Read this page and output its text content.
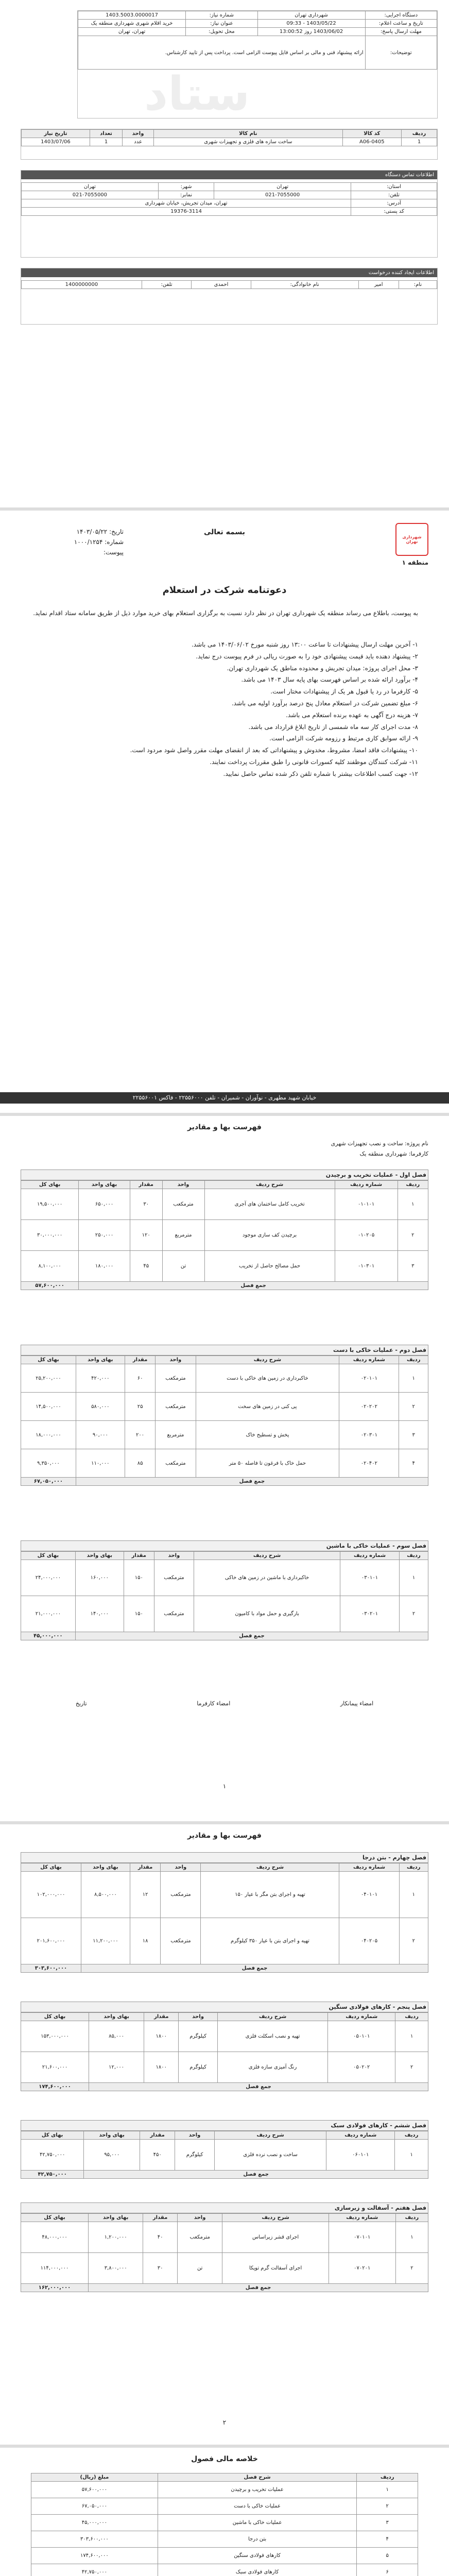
دستگاه اجرایی:	شهرداری تهران	شماره نیاز:	1403.5003.0000017
تاریخ و ساعت اعلام:	1403/05/22 - 09:33	عنوان نیاز:	خرید اقلام شهری شهرداری منطقه یک
مهلت ارسال پاسخ:	1403/06/02 روز 13:00:52	محل تحویل:	تهران، تهران
توضیحات:	ارائه پیشنهاد فنی و مالی بر اساس فایل پیوست الزامی است. پرداخت پس از تایید کارشناس.		
ستاد
ردیف	کد کالا	نام کالا	واحد	تعداد	تاریخ نیاز
1	0405-A06	ساخت سازه های فلزی و تجهیزات شهری	عدد	1	1403/07/06
اطلاعات تماس دستگاه
استان:	تهران	شهر:	تهران
تلفن:	021-7055000	نمابر:	021-7055000
آدرس:	تهران، میدان تجریش، خیابان شهرداری		
کد پستی:	19376-3114		
اطلاعات ایجاد کننده درخواست
نام:	امیر	نام خانوادگی:	احمدی	تلفن:	1400000000
شهرداری تهران
منطقه ۱
بسمه تعالی
تاریخ: ۱۴۰۳/۰۵/۲۲
شماره: ۱۰۰۰/۱۲۵۴
پیوست:
دعوتنامه شرکت در استعلام
به پیوست، باطلاع می رساند منطقه یک شهرداری تهران در نظر دارد نسبت به برگزاری استعلام بهای خرید موارد ذیل از طریق سامانه ستاد اقدام نماید.
۱- آخرین مهلت ارسال پیشنهادات تا ساعت ۱۳:۰۰ روز شنبه مورخ ۱۴۰۳/۰۶/۰۲ می باشد.
۲- پیشنهاد دهنده باید قیمت پیشنهادی خود را به صورت ریالی در فرم پیوست درج نماید.
۳- محل اجرای پروژه: میدان تجریش و محدوده مناطق یک شهرداری تهران.
۴- برآورد ارائه شده بر اساس فهرست بهای پایه سال ۱۴۰۳ می باشد.
۵- کارفرما در رد یا قبول هر یک از پیشنهادات مختار است.
۶- مبلغ تضمین شرکت در استعلام معادل پنج درصد برآورد اولیه می باشد.
۷- هزینه درج آگهی به عهده برنده استعلام می باشد.
۸- مدت اجرای کار سه ماه شمسی از تاریخ ابلاغ قرارداد می باشد.
۹- ارائه سوابق کاری مرتبط و رزومه شرکت الزامی است.
۱۰- پیشنهادات فاقد امضا، مشروط، مخدوش و پیشنهاداتی که بعد از انقضای مهلت مقرر واصل شود مردود است.
۱۱- شرکت کنندگان موظفند کلیه کسورات قانونی را طبق مقررات پرداخت نمایند.
۱۲- جهت کسب اطلاعات بیشتر با شماره تلفن ذکر شده تماس حاصل نمایید.
خیابان شهید مطهری - نوآوران - شمیران - تلفن ۲۲۵۵۶۰۰۰ - فاکس ۲۲۵۵۶۰۰۱
فهرست بها و مقادیر
نام پروژه: ساخت و نصب تجهیزات شهری
کارفرما: شهرداری منطقه یک
فصل اول - عملیات تخریب و برچیدن
ردیف	شماره ردیف	شرح ردیف	واحد	مقدار	بهای واحد	بهای کل
۱	۰۱۰۱۰۱	تخریب کامل ساختمان های آجری	مترمکعب	۳۰	۶۵۰,۰۰۰	۱۹,۵۰۰,۰۰۰
۲	۰۱۰۲۰۵	برچیدن کف سازی موجود	مترمربع	۱۲۰	۲۵۰,۰۰۰	۳۰,۰۰۰,۰۰۰
۳	۰۱۰۳۰۱	حمل مصالح حاصل از تخریب	تن	۴۵	۱۸۰,۰۰۰	۸,۱۰۰,۰۰۰
جمع فصل						۵۷,۶۰۰,۰۰۰
فصل دوم - عملیات خاکی با دست
ردیف	شماره ردیف	شرح ردیف	واحد	مقدار	بهای واحد	بهای کل
۱	۰۲۰۱۰۱	خاکبرداری در زمین های خاکی با دست	مترمکعب	۶۰	۴۲۰,۰۰۰	۲۵,۲۰۰,۰۰۰
۲	۰۲۰۲۰۲	پی کنی در زمین های سخت	مترمکعب	۲۵	۵۸۰,۰۰۰	۱۴,۵۰۰,۰۰۰
۳	۰۲۰۳۰۱	پخش و تسطیح خاک	مترمربع	۲۰۰	۹۰,۰۰۰	۱۸,۰۰۰,۰۰۰
۴	۰۲۰۴۰۲	حمل خاک با فرغون تا فاصله ۵۰ متر	مترمکعب	۸۵	۱۱۰,۰۰۰	۹,۳۵۰,۰۰۰
جمع فصل						۶۷,۰۵۰,۰۰۰
فصل سوم - عملیات خاکی با ماشین
ردیف	شماره ردیف	شرح ردیف	واحد	مقدار	بهای واحد	بهای کل
۱	۰۳۰۱۰۱	خاکبرداری با ماشین در زمین های خاکی	مترمکعب	۱۵۰	۱۶۰,۰۰۰	۲۴,۰۰۰,۰۰۰
۲	۰۳۰۲۰۱	بارگیری و حمل مواد با کامیون	مترمکعب	۱۵۰	۱۴۰,۰۰۰	۲۱,۰۰۰,۰۰۰
جمع فصل						۴۵,۰۰۰,۰۰۰
امضاء پیمانکار
امضاء کارفرما
تاریخ
۱
فهرست بها و مقادیر
فصل چهارم - بتن درجا
ردیف	شماره ردیف	شرح ردیف	واحد	مقدار	بهای واحد	بهای کل
۱	۰۴۰۱۰۱	تهیه و اجرای بتن مگر با عیار ۱۵۰	مترمکعب	۱۲	۸,۵۰۰,۰۰۰	۱۰۲,۰۰۰,۰۰۰
۲	۰۴۰۲۰۵	تهیه و اجرای بتن با عیار ۳۵۰ کیلوگرم	مترمکعب	۱۸	۱۱,۲۰۰,۰۰۰	۲۰۱,۶۰۰,۰۰۰
جمع فصل						۳۰۳,۶۰۰,۰۰۰
فصل پنجم - کارهای فولادی سنگین
ردیف	شماره ردیف	شرح ردیف	واحد	مقدار	بهای واحد	بهای کل
۱	۰۵۰۱۰۱	تهیه و نصب اسکلت فلزی	کیلوگرم	۱۸۰۰	۸۵,۰۰۰	۱۵۳,۰۰۰,۰۰۰
۲	۰۵۰۲۰۲	رنگ آمیزی سازه فلزی	کیلوگرم	۱۸۰۰	۱۲,۰۰۰	۲۱,۶۰۰,۰۰۰
جمع فصل						۱۷۴,۶۰۰,۰۰۰
فصل ششم - کارهای فولادی سبک
ردیف	شماره ردیف	شرح ردیف	واحد	مقدار	بهای واحد	بهای کل
۱	۰۶۰۱۰۱	ساخت و نصب نرده فلزی	کیلوگرم	۴۵۰	۹۵,۰۰۰	۴۲,۷۵۰,۰۰۰
جمع فصل						۴۲,۷۵۰,۰۰۰
فصل هفتم - آسفالت و زیرسازی
ردیف	شماره ردیف	شرح ردیف	واحد	مقدار	بهای واحد	بهای کل
۱	۰۷۰۱۰۱	اجرای قشر زیراساس	مترمکعب	۴۰	۱,۲۰۰,۰۰۰	۴۸,۰۰۰,۰۰۰
۲	۰۷۰۲۰۱	اجرای آسفالت گرم توپکا	تن	۳۰	۳,۸۰۰,۰۰۰	۱۱۴,۰۰۰,۰۰۰
جمع فصل						۱۶۲,۰۰۰,۰۰۰
۲
خلاصه مالی فصول
ردیف	شرح فصل	مبلغ (ریال)
۱	عملیات تخریب و برچیدن	۵۷,۶۰۰,۰۰۰
۲	عملیات خاکی با دست	۶۷,۰۵۰,۰۰۰
۳	عملیات خاکی با ماشین	۴۵,۰۰۰,۰۰۰
۴	بتن درجا	۳۰۳,۶۰۰,۰۰۰
۵	کارهای فولادی سنگین	۱۷۴,۶۰۰,۰۰۰
۶	کارهای فولادی سبک	۴۲,۷۵۰,۰۰۰
